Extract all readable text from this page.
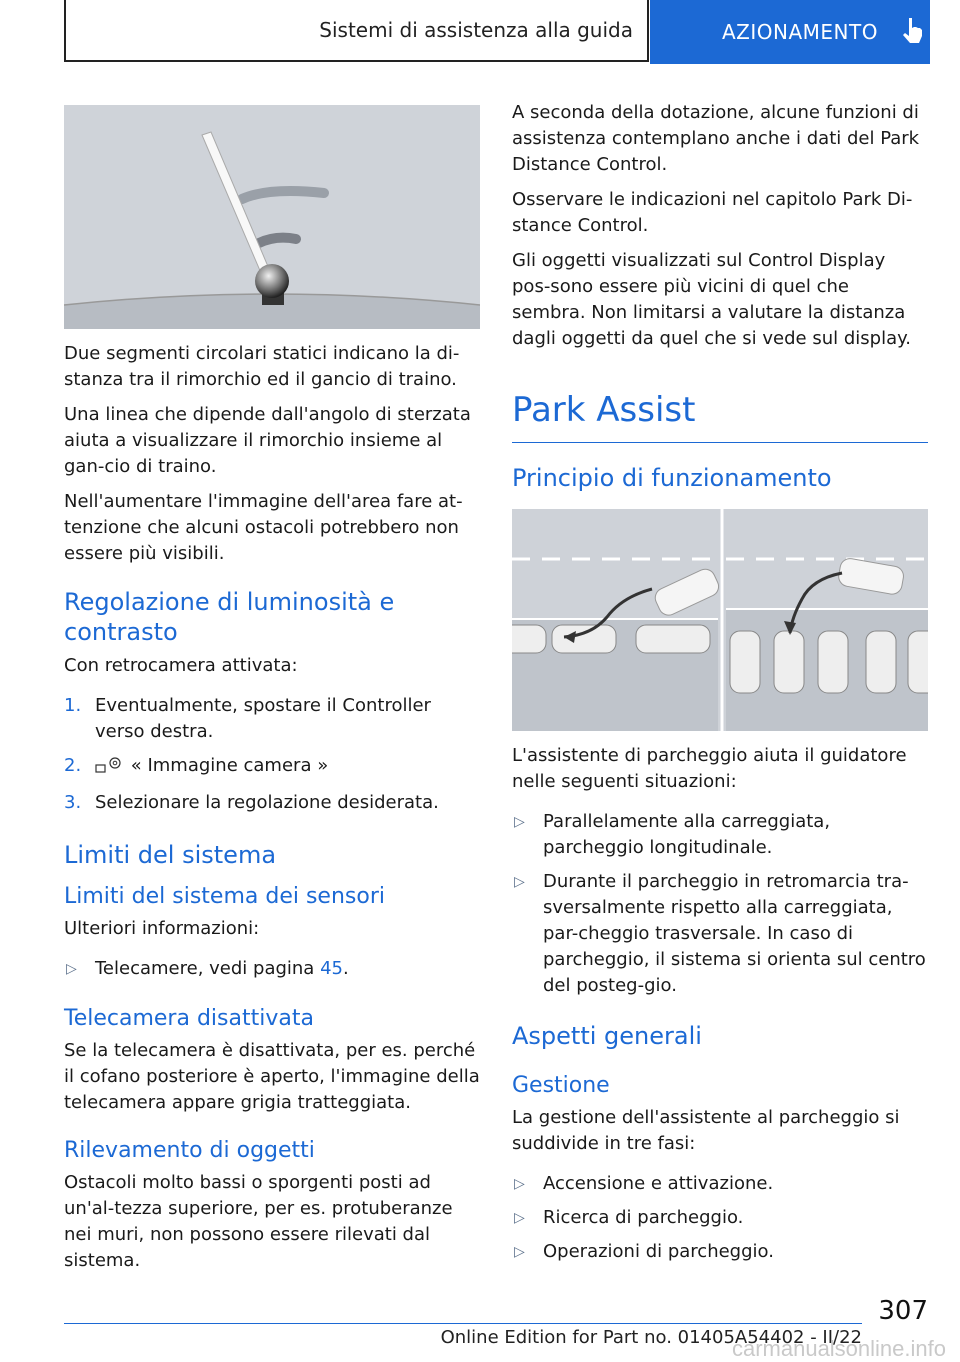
Sistemi di assistenza alla guida	AZIONAMENTO

Due segmenti circolari statici indicano la di-stanza tra il rimorchio ed il gancio di traino.

Una linea che dipende dall'angolo di sterzata aiuta a visualizzare il rimorchio insieme al gan-cio di traino.

Nell'aumentare l'immagine dell'area fare at-tenzione che alcuni ostacoli potrebbero non essere più visibili.

Regolazione di luminosità e contrasto

Con retrocamera attivata:

1. Eventualmente, spostare il Controller verso destra.
2.	« Immagine camera »
3. Selezionare la regolazione desiderata.
Limiti del sistema
Limiti del sistema dei sensori

Ulteriori informazioni:

▷ Telecamere, vedi pagina 45.
Telecamera disattivata

Se la telecamera è disattivata, per es. perché il cofano posteriore è aperto, l'immagine della telecamera appare grigia tratteggiata.

Rilevamento di oggetti

Ostacoli molto bassi o sporgenti posti ad un'al-tezza superiore, per es. protuberanze nei muri, non possono essere rilevati dal sistema.

A seconda della dotazione, alcune funzioni di assistenza contemplano anche i dati del Park Distance Control.

Osservare le indicazioni nel capitolo Park Di-stance Control.

Gli oggetti visualizzati sul Control Display pos-sono essere più vicini di quel che sembra. Non limitarsi a valutare la distanza dagli oggetti da quel che si vede sul display.

Park Assist
Principio di funzionamento

L'assistente di parcheggio aiuta il guidatore nelle seguenti situazioni:

▷ Parallelamente alla carreggiata, parcheggio longitudinale.
▷ Durante il parcheggio in retromarcia tra-sversalmente rispetto alla carreggiata, par-cheggio trasversale. In caso di parcheggio, il sistema si orienta sul centro del posteg-gio.
Aspetti generali
Gestione

La gestione dell'assistente al parcheggio si suddivide in tre fasi:

▷ Accensione e attivazione.
▷ Ricerca di parcheggio.
▷ Operazioni di parcheggio.
307
Online Edition for Part no. 01405A54402 - II/22
carmanualsonline.info
